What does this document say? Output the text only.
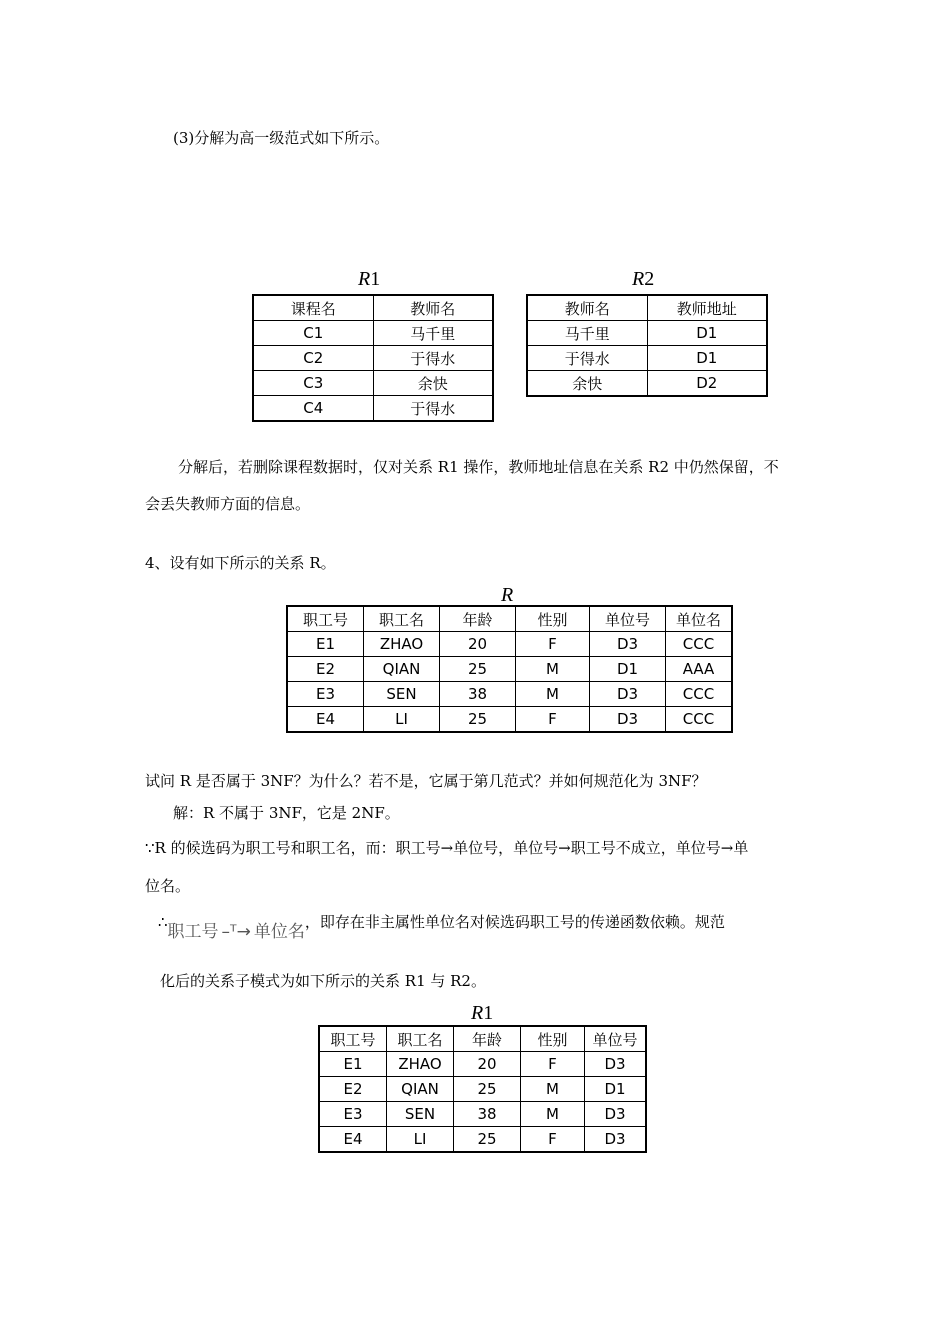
(3)分解为高一级范式如下所示。

R1
课程名	教师名
C1	马千里
C2	于得水
C3	余快
C4	于得水
R2
教师名	教师地址
马千里	D1
于得水	D1
余快	D2

分解后，若删除课程数据时，仅对关系 R1 操作，教师地址信息在关系 R2 中仍然保留，不

会丢失教师方面的信息。

4、设有如下所示的关系 R。

R
职工号	职工名	年龄	性别	单位号	单位名
E1	ZHAO	20	F	D3	CCC
E2	QIAN	25	M	D1	AAA
E3	SEN	38	M	D3	CCC
E4	LI	25	F	D3	CCC

试问 R 是否属于 3NF？为什么？若不是，它属于第几范式？并如何规范化为 3NF？

解：R 不属于 3NF，它是 2NF。

∵R 的候选码为职工号和职工名，而：职工号→单位号，单位号→职工号不成立，单位号→单

位名。

∴职工号 –ᵀ→ 单位名，即存在非主属性单位名对候选码职工号的传递函数依赖。规范

化后的关系子模式为如下所示的关系 R1 与 R2。

R1
职工号	职工名	年龄	性别	单位号
E1	ZHAO	20	F	D3
E2	QIAN	25	M	D1
E3	SEN	38	M	D3
E4	LI	25	F	D3
